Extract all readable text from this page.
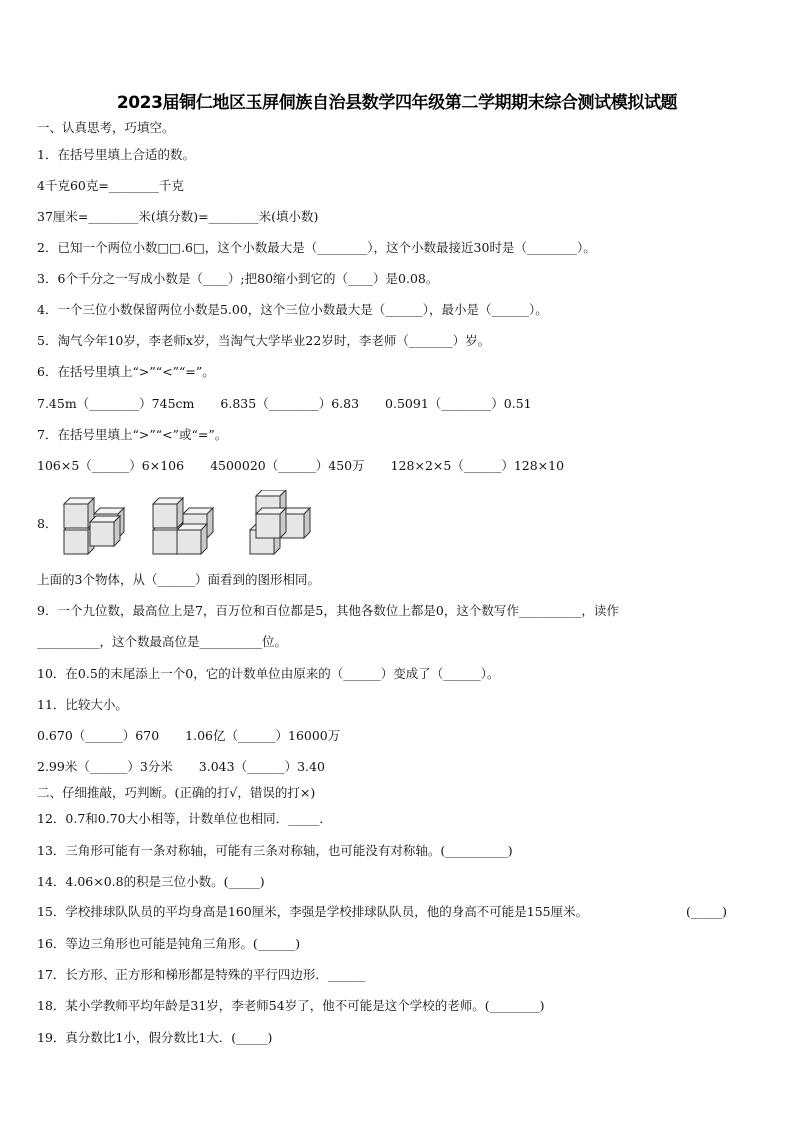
2023届铜仁地区玉屏侗族自治县数学四年级第二学期期末综合测试模拟试题
一、认真思考，巧填空。
1．在括号里填上合适的数。
4千克60克=________千克
37厘米=________米(填分数)=________米(填小数)
2．已知一个两位小数□□.6□，这个小数最大是（________），这个小数最接近30时是（________）。
3．6个千分之一写成小数是（____）;把80缩小到它的（____）是0.08。
4．一个三位小数保留两位小数是5.00，这个三位小数最大是（______），最小是（______）。
5．淘气今年10岁，李老师x岁，当淘气大学毕业22岁时，李老师（_______）岁。
6．在括号里填上“>”“<”“=”。
7.45m（________）745cm 6.835（________）6.83 0.5091（________）0.51
7．在括号里填上“>”“<”或“=”。
106×5（______）6×106 4500020（______）450万 128×2×5（______）128×10
8．
上面的3个物体，从（______）面看到的图形相同。
9．一个九位数，最高位上是7，百万位和百位都是5，其他各数位上都是0，这个数写作__________，读作
__________，这个数最高位是__________位。
10．在0.5的末尾添上一个0，它的计数单位由原来的（______）变成了（______）。
11．比较大小。
0.670（______）670 1.06亿（______）16000万
2.99米（______）3分米 3.043（______）3.40
二、仔细推敲，巧判断。(正确的打√，错误的打×)
12．0.7和0.70大小相等，计数单位也相同．_____．
13．三角形可能有一条对称轴，可能有三条对称轴，也可能没有对称轴。(__________)
14．4.06×0.8的积是三位小数。(_____)
15．学校排球队队员的平均身高是160厘米，李强是学校排球队队员，他的身高不可能是155厘米。	(_____)
16．等边三角形也可能是钝角三角形。(______)
17．长方形、正方形和梯形都是特殊的平行四边形．______
18．某小学教师平均年龄是31岁，李老师54岁了，他不可能是这个学校的老师。(________)
19．真分数比1小，假分数比1大．(_____)
